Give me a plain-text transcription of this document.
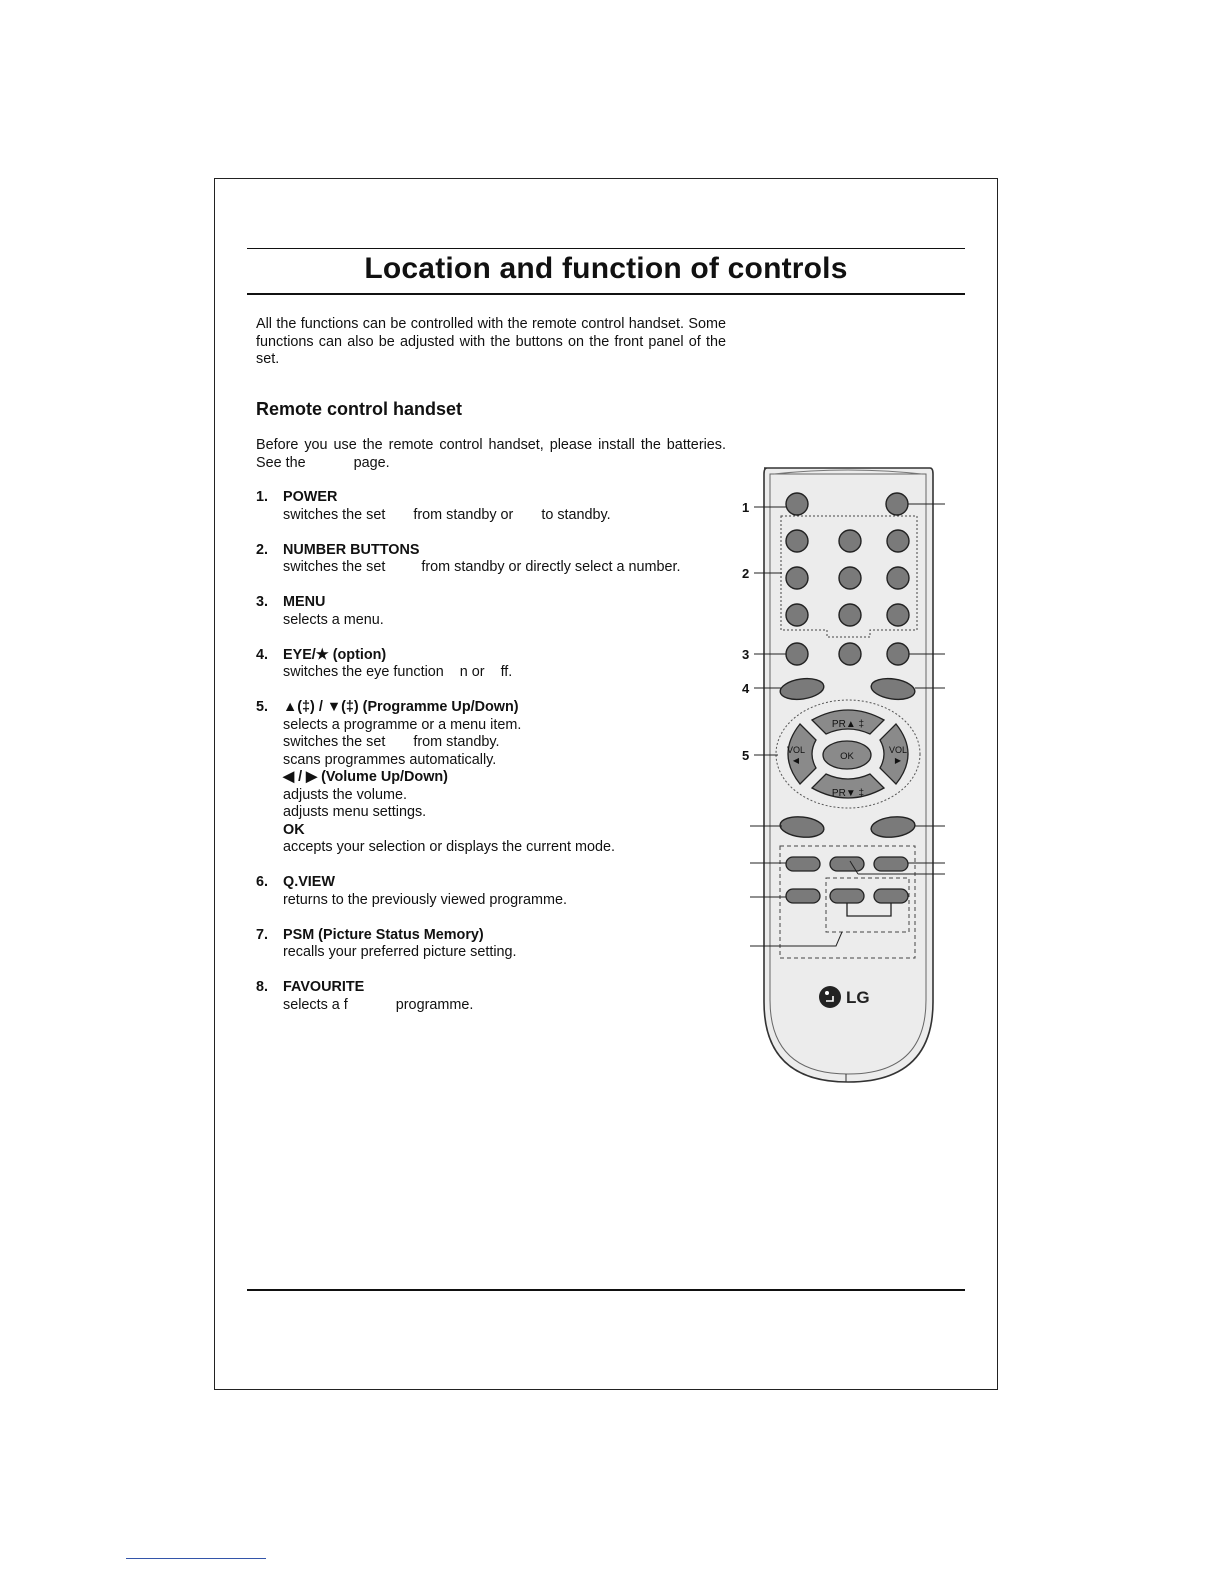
Location and function of controls

All the functions can be controlled with the remote control handset. Some functions can also be adjusted with the buttons on the front panel of the set.

Remote control handset

Before you use the remote control handset, please install the batteries. See the            page.

1. POWER
switches the set       from standby or       to standby.
2. NUMBER BUTTONS
switches the set         from standby or directly select a number.
3. MENU
selects a menu.
4. EYE/★ (option)
switches the eye function    n or    ff.
5. ▲(‡) / ▼(‡) (Programme Up/Down)
selects a programme or a menu item.
switches the set       from standby.
scans programmes automatically.
◀ / ▶ (Volume Up/Down)
adjusts the volume.
adjusts menu settings.
OK
accepts your selection or displays the current mode.
6. Q.VIEW
returns to the previously viewed programme.
7. PSM (Picture Status Memory)
recalls your preferred picture setting.
8. FAVOURITE
selects a f            programme.
PR▲ ‡
PR▼ ‡
VOL
◀
VOL
▶
OK
LG
1
2
3
4
5
